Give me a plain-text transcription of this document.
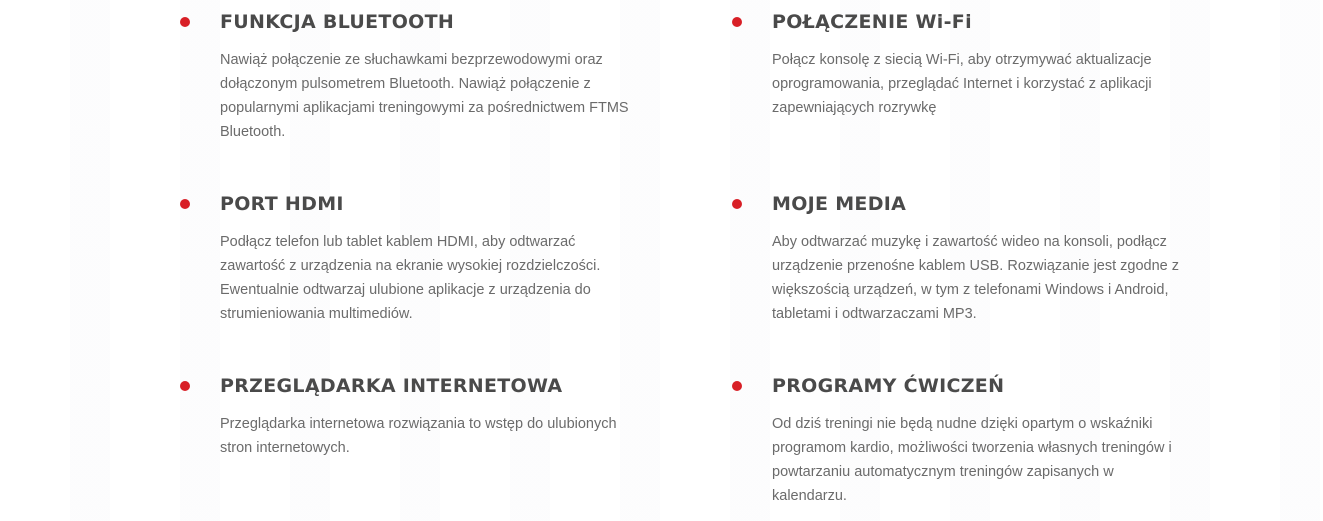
FUNKCJA BLUETOOTH

Nawiąż połączenie ze słuchawkami bezprzewodowymi oraz dołączonym pulsometrem Bluetooth. Nawiąż połączenie z popularnymi aplikacjami treningowymi za pośrednictwem FTMS Bluetooth.

POŁĄCZENIE Wi-Fi

Połącz konsolę z siecią Wi-Fi, aby otrzymywać aktualizacje oprogramowania, przeglądać Internet i korzystać z aplikacji zapewniających rozrywkę

PORT HDMI

Podłącz telefon lub tablet kablem HDMI, aby odtwarzać zawartość z urządzenia na ekranie wysokiej rozdzielczości. Ewentualnie odtwarzaj ulubione aplikacje z urządzenia do strumieniowania multimediów.

MOJE MEDIA

Aby odtwarzać muzykę i zawartość wideo na konsoli, podłącz urządzenie przenośne kablem USB. Rozwiązanie jest zgodne z większością urządzeń, w tym z telefonami Windows i Android, tabletami i odtwarzaczami MP3.

PRZEGLĄDARKA INTERNETOWA

Przeglądarka internetowa rozwiązania to wstęp do ulubionych stron internetowych.

PROGRAMY ĆWICZEŃ

Od dziś treningi nie będą nudne dzięki opartym o wskaźniki programom kardio, możliwości tworzenia własnych treningów i powtarzaniu automatycznym treningów zapisanych w kalendarzu.
